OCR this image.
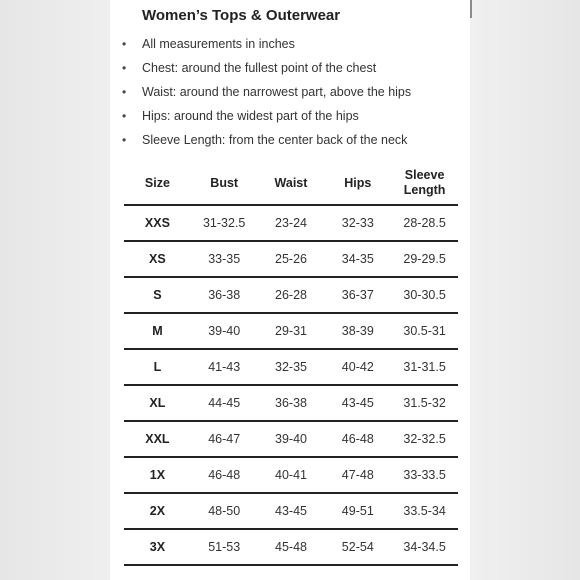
Women’s Tops & Outerwear
•	All measurements in inches
•	Chest: around the fullest point of the chest
•	Waist: around the narrowest part, above the hips
•	Hips: around the widest part of the hips
•	Sleeve Length: from the center back of the neck
Size	Bust	Waist	Hips	Sleeve Length
XXS	31-32.5	23-24	32-33	28-28.5
XS	33-35	25-26	34-35	29-29.5
S	36-38	26-28	36-37	30-30.5
M	39-40	29-31	38-39	30.5-31
L	41-43	32-35	40-42	31-31.5
XL	44-45	36-38	43-45	31.5-32
XXL	46-47	39-40	46-48	32-32.5
1X	46-48	40-41	47-48	33-33.5
2X	48-50	43-45	49-51	33.5-34
3X	51-53	45-48	52-54	34-34.5
